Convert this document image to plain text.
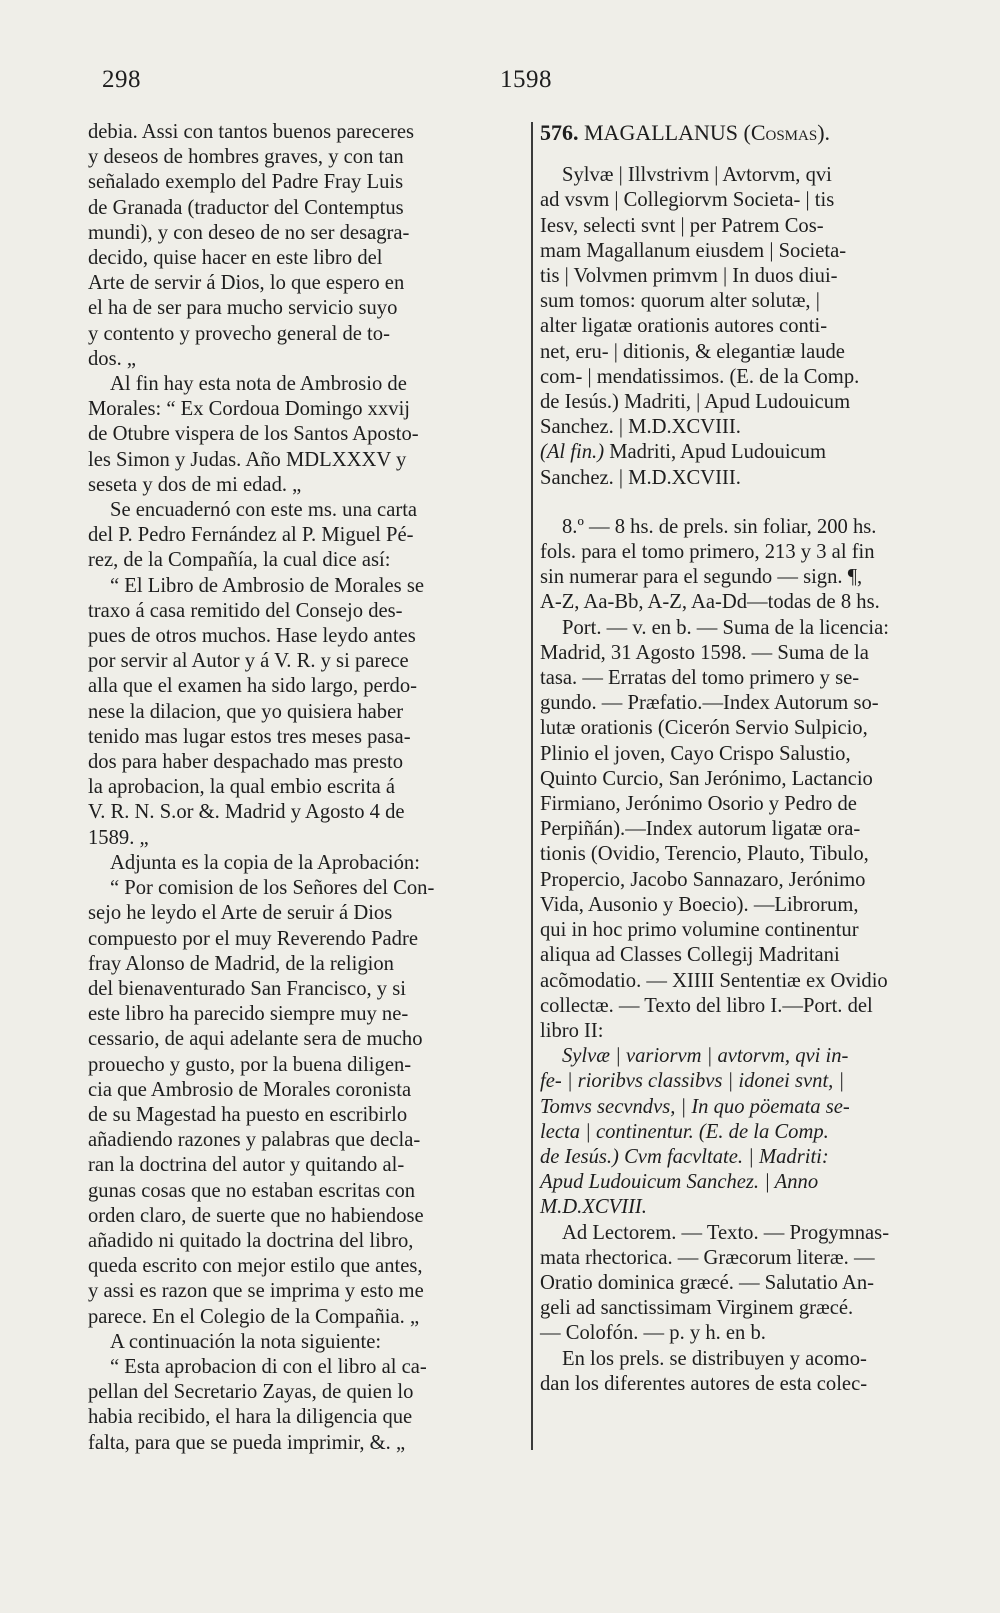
298	1598

debia. Assi con tantos buenos pareceres

y deseos de hombres graves, y con tan

señalado exemplo del Padre Fray Luis

de Granada (traductor del Contemptus

mundi), y con deseo de no ser desagra-

decido, quise hacer en este libro del

Arte de servir á Dios, lo que espero en

el ha de ser para mucho servicio suyo

y contento y provecho general de to-

dos. „

Al fin hay esta nota de Ambrosio de

Morales: “ Ex Cordoua Domingo xxvij

de Otubre vispera de los Santos Aposto-

les Simon y Judas. Año MDLXXXV y

seseta y dos de mi edad. „

Se encuadernó con este ms. una carta

del P. Pedro Fernández al P. Miguel Pé-

rez, de la Compañía, la cual dice así:

“ El Libro de Ambrosio de Morales se

traxo á casa remitido del Consejo des-

pues de otros muchos. Hase leydo antes

por servir al Autor y á V. R. y si parece

alla que el examen ha sido largo, perdo-

nese la dilacion, que yo quisiera haber

tenido mas lugar estos tres meses pasa-

dos para haber despachado mas presto

la aprobacion, la qual embio escrita á

V. R. N. S.or &. Madrid y Agosto 4 de

1589. „

Adjunta es la copia de la Aprobación:

“ Por comision de los Señores del Con-

sejo he leydo el Arte de seruir á Dios

compuesto por el muy Reverendo Padre

fray Alonso de Madrid, de la religion

del bienaventurado San Francisco, y si

este libro ha parecido siempre muy ne-

cessario, de aqui adelante sera de mucho

prouecho y gusto, por la buena diligen-

cia que Ambrosio de Morales coronista

de su Magestad ha puesto en escribirlo

añadiendo razones y palabras que decla-

ran la doctrina del autor y quitando al-

gunas cosas que no estaban escritas con

orden claro, de suerte que no habiendose

añadido ni quitado la doctrina del libro,

queda escrito con mejor estilo que antes,

y assi es razon que se imprima y esto me

parece. En el Colegio de la Compañia. „

A continuación la nota siguiente:

“ Esta aprobacion di con el libro al ca-

pellan del Secretario Zayas, de quien lo

habia recibido, el hara la diligencia que

falta, para que se pueda imprimir, &. „

576. MAGALLANUS (Cosmas).

Sylvæ | Illvstrivm | Avtorvm, qvi

ad vsvm | Collegiorvm Societa- | tis

Iesv, selecti svnt | per Patrem Cos-

mam Magallanum eiusdem | Societa-

tis | Volvmen primvm | In duos diui-

sum tomos: quorum alter solutæ, |

alter ligatæ orationis autores conti-

net, eru- | ditionis, & elegantiæ laude

com- | mendatissimos. (E. de la Comp.

de Iesús.) Madriti, | Apud Ludouicum

Sanchez. | M.D.XCVIII.

(Al fin.) Madriti, Apud Ludouicum

Sanchez. | M.D.XCVIII.

8.º — 8 hs. de prels. sin foliar, 200 hs.

fols. para el tomo primero, 213 y 3 al fin

sin numerar para el segundo — sign. ¶,

A-Z, Aa-Bb, A-Z, Aa-Dd—todas de 8 hs.

Port. — v. en b. — Suma de la licencia:

Madrid, 31 Agosto 1598. — Suma de la

tasa. — Erratas del tomo primero y se-

gundo. — Præfatio.—Index Autorum so-

lutæ orationis (Cicerón Servio Sulpicio,

Plinio el joven, Cayo Crispo Salustio,

Quinto Curcio, San Jerónimo, Lactancio

Firmiano, Jerónimo Osorio y Pedro de

Perpiñán).—Index autorum ligatæ ora-

tionis (Ovidio, Terencio, Plauto, Tibulo,

Propercio, Jacobo Sannazaro, Jerónimo

Vida, Ausonio y Boecio). —Librorum,

qui in hoc primo volumine continentur

aliqua ad Classes Collegij Madritani

acõmodatio. — XIIII Sententiæ ex Ovidio

collectæ. — Texto del libro I.—Port. del

libro II:

Sylvæ | variorvm | avtorvm, qvi in-

fe- | rioribvs classibvs | idonei svnt, |

Tomvs secvndvs, | In quo pöemata se-

lecta | continentur. (E. de la Comp.

de Iesús.) Cvm facvltate. | Madriti:

Apud Ludouicum Sanchez. | Anno

M.D.XCVIII.

Ad Lectorem. — Texto. — Progymnas-

mata rhectorica. — Græcorum literæ. —

Oratio dominica græcé. — Salutatio An-

geli ad sanctissimam Virginem græcé.

— Colofón. — p. y h. en b.

En los prels. se distribuyen y acomo-

dan los diferentes autores de esta colec-
